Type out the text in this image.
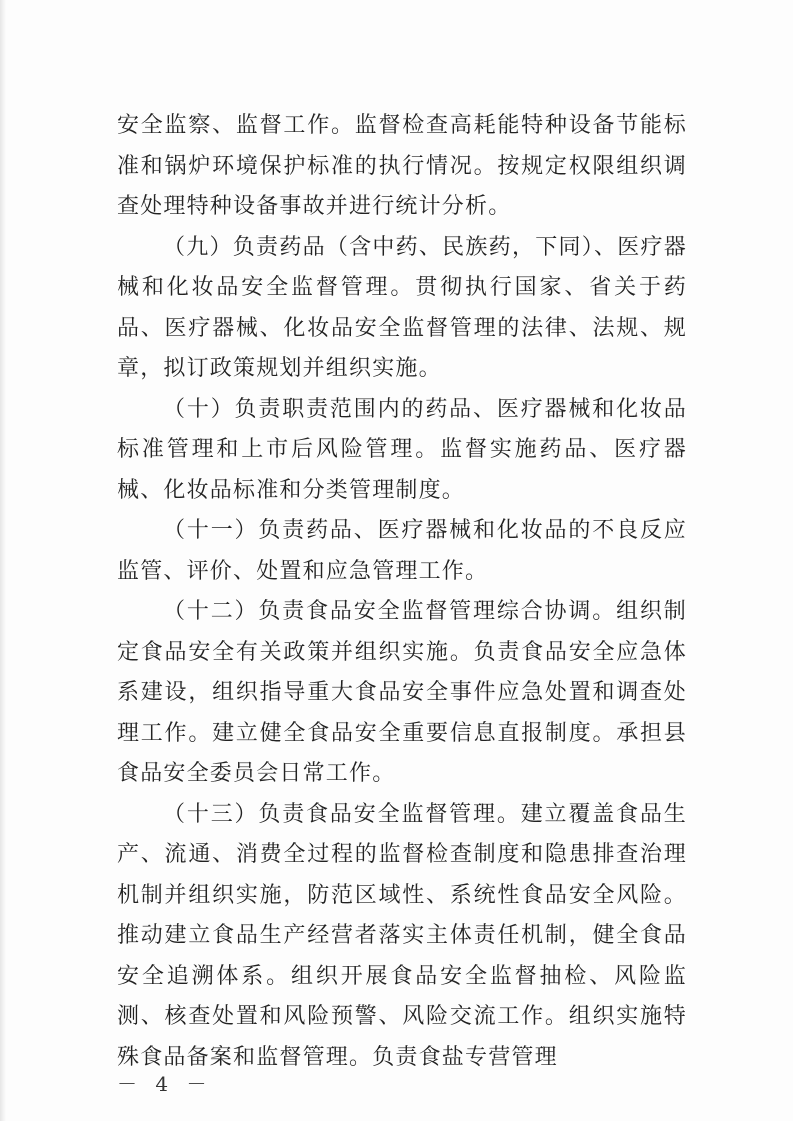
安全监察、监督工作。监督检查高耗能特种设备节能标准和锅炉环境保护标准的执行情况。按规定权限组织调查处理特种设备事故并进行统计分析。

（九）负责药品（含中药、民族药，下同）、医疗器械和化妆品安全监督管理。贯彻执行国家、省关于药品、医疗器械、化妆品安全监督管理的法律、法规、规章，拟订政策规划并组织实施。

（十）负责职责范围内的药品、医疗器械和化妆品标准管理和上市后风险管理。监督实施药品、医疗器械、化妆品标准和分类管理制度。

（十一）负责药品、医疗器械和化妆品的不良反应监管、评价、处置和应急管理工作。

（十二）负责食品安全监督管理综合协调。组织制定食品安全有关政策并组织实施。负责食品安全应急体系建设，组织指导重大食品安全事件应急处置和调查处理工作。建立健全食品安全重要信息直报制度。承担县食品安全委员会日常工作。

（十三）负责食品安全监督管理。建立覆盖食品生产、流通、消费全过程的监督检查制度和隐患排查治理机制并组织实施，防范区域性、系统性食品安全风险。推动建立食品生产经营者落实主体责任机制，健全食品安全追溯体系。组织开展食品安全监督抽检、风险监测、核查处置和风险预警、风险交流工作。组织实施特殊食品备案和监督管理。负责食盐专营管理

－ 4 －
